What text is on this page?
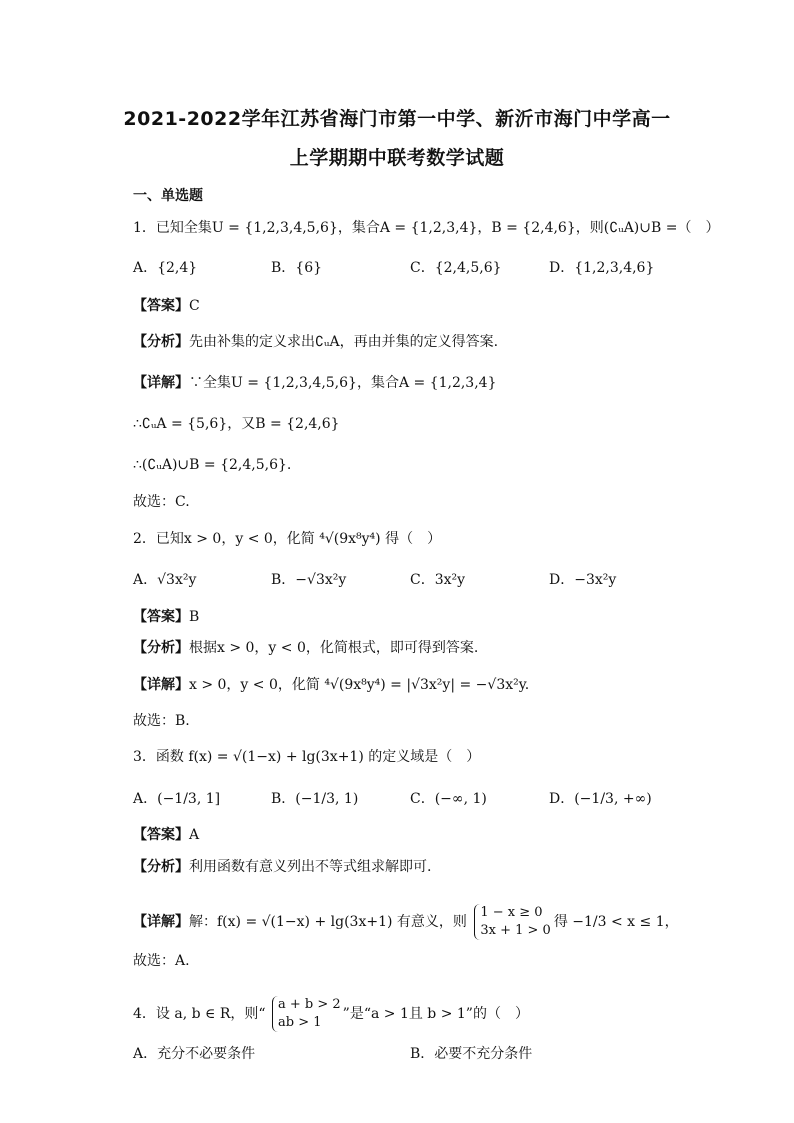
2021-2022学年江苏省海门市第一中学、新沂市海门中学高一
上学期期中联考数学试题
一、单选题
1．已知全集U = {1,2,3,4,5,6}，集合A = {1,2,3,4}，B = {2,4,6}，则(∁ᵤA)∪B =（　）
A．{2,4}	B．{6}	C．{2,4,5,6}	D．{1,2,3,4,6}
【答案】C
【分析】先由补集的定义求出∁ᵤA，再由并集的定义得答案.
【详解】∵全集U = {1,2,3,4,5,6}，集合A = {1,2,3,4}
∴∁ᵤA = {5,6}，又B = {2,4,6}
∴(∁ᵤA)∪B = {2,4,5,6}.
故选：C.
2．已知x > 0，y < 0，化简 ⁴√(9x⁸y⁴) 得（　）
A．√3x²y	B．−√3x²y	C．3x²y	D．−3x²y
【答案】B
【分析】根据x > 0，y < 0，化简根式，即可得到答案.
【详解】x > 0，y < 0，化简 ⁴√(9x⁸y⁴) = |√3x²y| = −√3x²y.
故选：B.
3．函数 f(x) = √(1−x) + lg(3x+1) 的定义域是（　）
A．(−1/3, 1]	B．(−1/3, 1)	C．(−∞, 1)	D．(−1/3, +∞)
【答案】A
【分析】利用函数有意义列出不等式组求解即可.
【详解】解：f(x) = √(1−x) + lg(3x+1) 有意义，则
1 − x ≥ 0
3x + 1 > 0
得 −1/3 < x ≤ 1，
故选：A.
4．设 a, b ∈ R，则“
a + b > 2
ab > 1
”是“a > 1且 b > 1”的（　）
A．充分不必要条件	B．必要不充分条件
